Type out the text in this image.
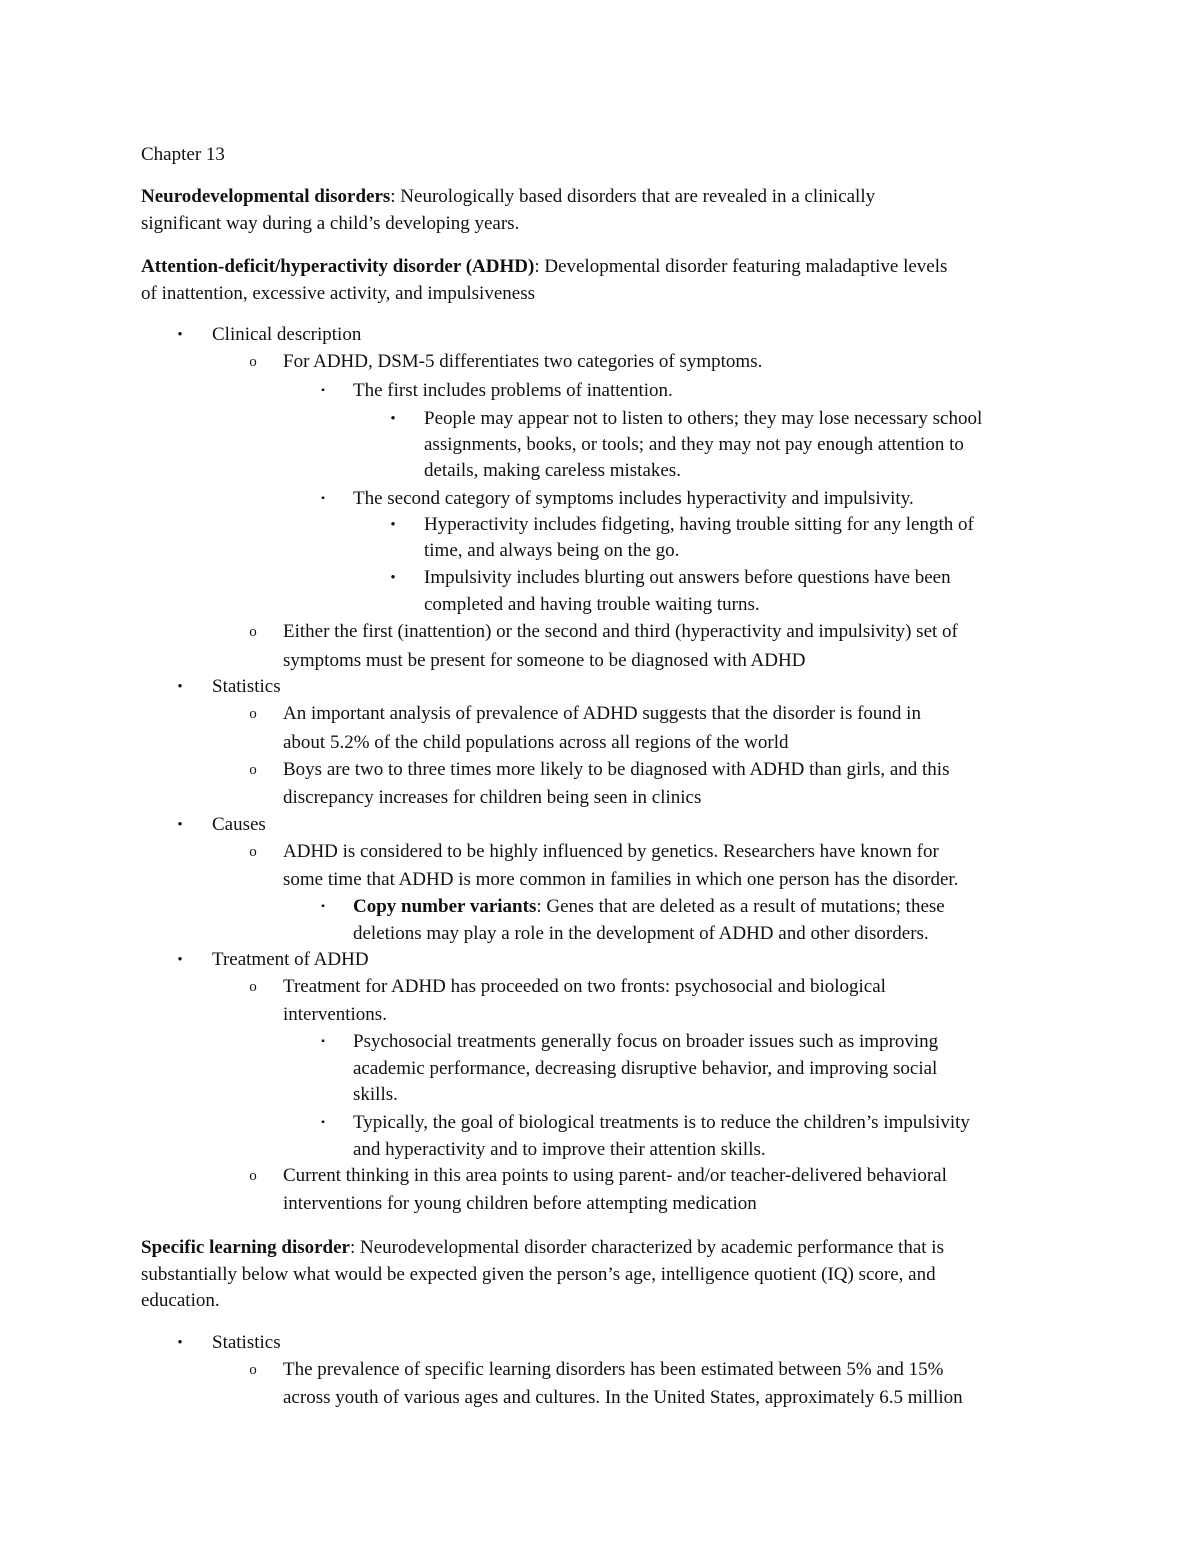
Chapter 13
Neurodevelopmental disorders: Neurologically based disorders that are revealed in a clinically
significant way during a child’s developing years.
Attention-deficit/hyperactivity disorder (ADHD): Developmental disorder featuring maladaptive levels
of inattention, excessive activity, and impulsiveness
• Clinical description
o For ADHD, DSM-5 differentiates two categories of symptoms.
▪	The first includes problems of inattention.
• People may appear not to listen to others; they may lose necessary school
assignments, books, or tools; and they may not pay enough attention to
details, making careless mistakes.
▪	The second category of symptoms includes hyperactivity and impulsivity.
• Hyperactivity includes fidgeting, having trouble sitting for any length of
time, and always being on the go.
• Impulsivity includes blurting out answers before questions have been
completed and having trouble waiting turns.
o Either the first (inattention) or the second and third (hyperactivity and impulsivity) set of
symptoms must be present for someone to be diagnosed with ADHD
• Statistics
o An important analysis of prevalence of ADHD suggests that the disorder is found in
about 5.2% of the child populations across all regions of the world
o Boys are two to three times more likely to be diagnosed with ADHD than girls, and this
discrepancy increases for children being seen in clinics
• Causes
o ADHD is considered to be highly influenced by genetics. Researchers have known for
some time that ADHD is more common in families in which one person has the disorder.
▪	Copy number variants: Genes that are deleted as a result of mutations; these
deletions may play a role in the development of ADHD and other disorders.
• Treatment of ADHD
o Treatment for ADHD has proceeded on two fronts: psychosocial and biological
interventions.
▪	Psychosocial treatments generally focus on broader issues such as improving
academic performance, decreasing disruptive behavior, and improving social
skills.
▪	Typically, the goal of biological treatments is to reduce the children’s impulsivity
and hyperactivity and to improve their attention skills.
o Current thinking in this area points to using parent- and/or teacher-delivered behavioral
interventions for young children before attempting medication
Specific learning disorder: Neurodevelopmental disorder characterized by academic performance that is
substantially below what would be expected given the person’s age, intelligence quotient (IQ) score, and
education.
• Statistics
o The prevalence of specific learning disorders has been estimated between 5% and 15%
across youth of various ages and cultures. In the United States, approximately 6.5 million
